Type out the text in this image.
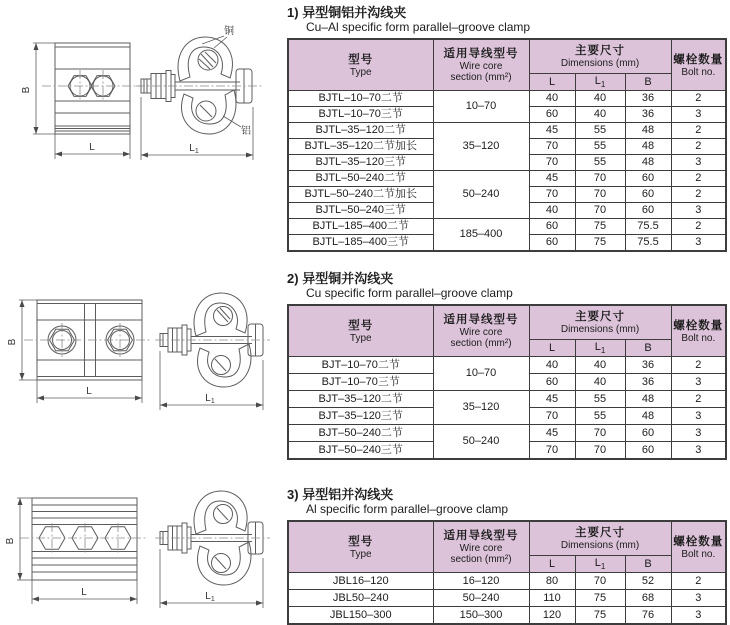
B
L
铜
铝
$L_1$
B
L
$L_1$
B
L	$L_1$
1) 异型铜铝并沟线夹
Cu–Al specific form parallel–groove clamp
型号
Type	适用导线型号
Wire core
section (mm²)	主要尺寸
Dimensions (mm)			螺栓数量
Bolt no.

		L	$L_1$	B	
BJTL–10–70二节	10–70	40	40	36	2
BJTL–10–70三节		60	40	36	3
BJTL–35–120二节	35–120	45	55	48	2
BJTL–35–120二节加长		70	55	48	2
BJTL–35–120三节		70	55	48	3
BJTL–50–240二节	50–240	45	70	60	2
BJTL–50–240二节加长		70	70	60	2
BJTL–50–240三节		40	70	60	3
BJTL–185–400二节	185–400	60	75	75.5	2
BJTL–185–400三节		60	75	75.5	3
2) 异型铜并沟线夹
Cu specific form parallel–groove clamp
型号
Type	适用导线型号
Wire core
section (mm²)	主要尺寸
Dimensions (mm)			螺栓数量
Bolt no.

		L	$L_1$	B	
BJT–10–70二节	10–70	40	40	36	2
BJT–10–70三节		60	40	36	3
BJT–35–120二节	35–120	45	55	48	2
BJT–35–120三节		70	55	48	3
BJT–50–240二节	50–240	45	70	60	3
BJT–50–240三节		70	70	60	3
3) 异型铝并沟线夹
Al specific form parallel–groove clamp
型号
Type	适用导线型号
Wire core
section (mm²)	主要尺寸
Dimensions (mm)			螺栓数量
Bolt no.

		L	$L_1$	B	
JBL16–120	16–120	80	70	52	2
JBL50–240	50–240	110	75	68	3
JBL150–300	150–300	120	75	76	3
